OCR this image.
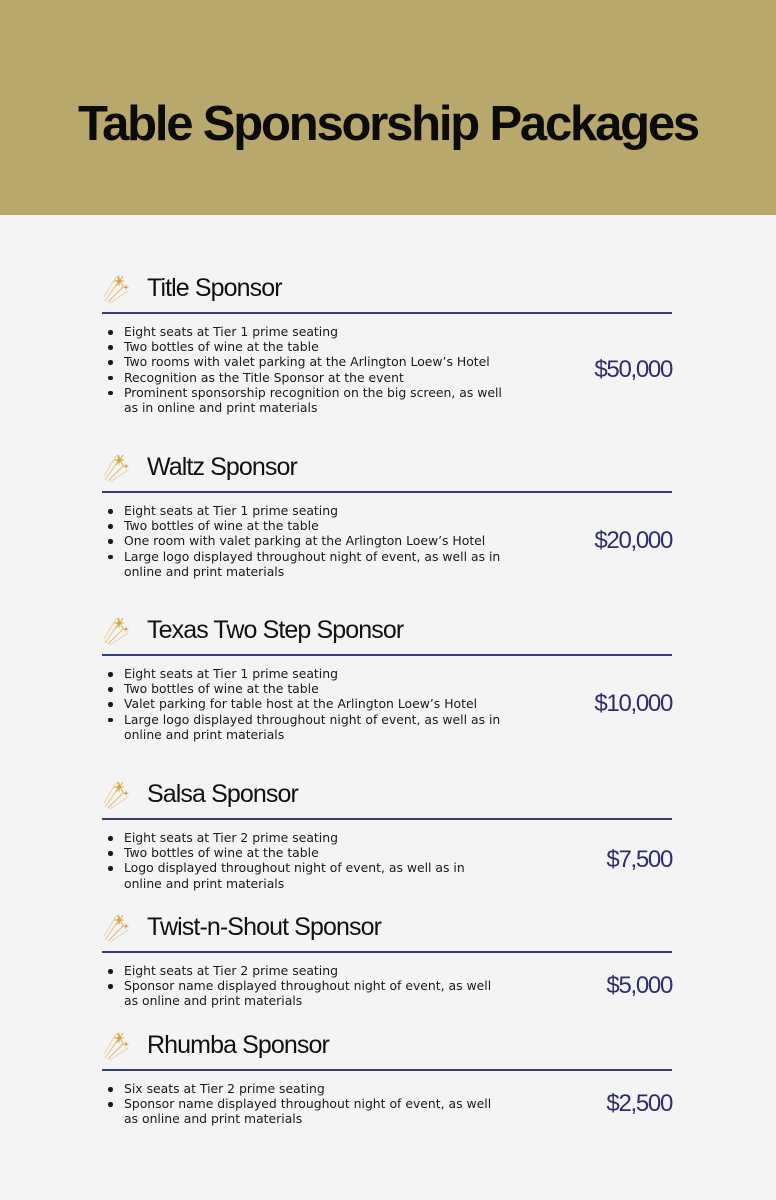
Table Sponsorship Packages
Title Sponsor
Eight seats at Tier 1 prime seating
Two bottles of wine at the table
Two rooms with valet parking at the Arlington Loew’s Hotel
Recognition as the Title Sponsor at the event
Prominent sponsorship recognition on the big screen, as well as in online and print materials
$50,000
Waltz Sponsor
Eight seats at Tier 1 prime seating
Two bottles of wine at the table
One room with valet parking at the Arlington Loew’s Hotel
Large logo displayed throughout night of event, as well as in online and print materials
$20,000
Texas Two Step Sponsor
Eight seats at Tier 1 prime seating
Two bottles of wine at the table
Valet parking for table host at the Arlington Loew’s Hotel
Large logo displayed throughout night of event, as well as in online and print materials
$10,000
Salsa Sponsor
Eight seats at Tier 2 prime seating
Two bottles of wine at the table
Logo displayed throughout night of event, as well as in online and print materials
$7,500
Twist-n-Shout Sponsor
Eight seats at Tier 2 prime seating
Sponsor name displayed throughout night of event, as well as online and print materials
$5,000
Rhumba Sponsor
Six seats at Tier 2 prime seating
Sponsor name displayed throughout night of event, as well as online and print materials
$2,500
